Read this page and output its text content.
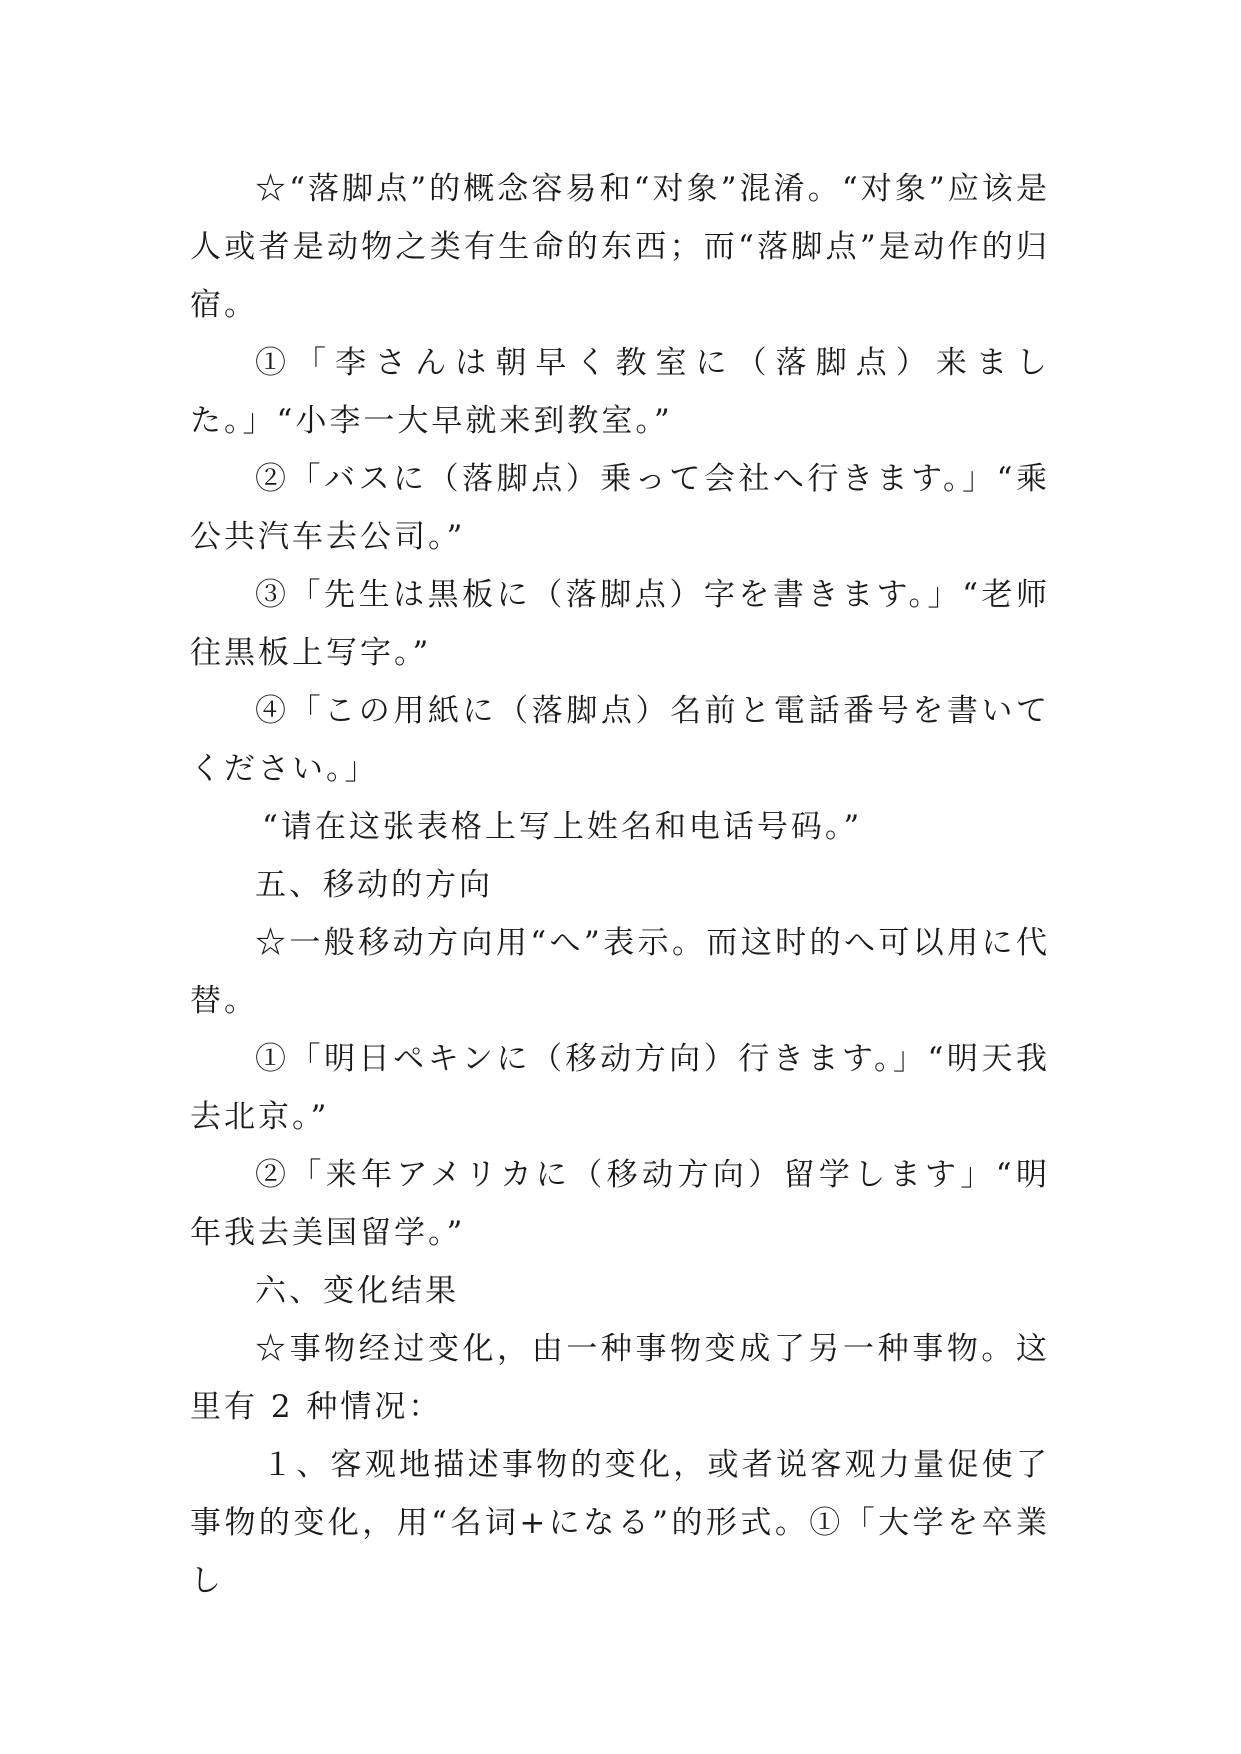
☆“落脚点”的概念容易和“对象”混淆。“对象”应该是人或者是动物之类有生命的东西；而“落脚点”是动作的归宿。

①「李さんは朝早く教室に（落脚点）来ました。」“小李一大早就来到教室。”

②「バスに（落脚点）乗って会社へ行きます。」“乘公共汽车去公司。”

③「先生は黒板に（落脚点）字を書きます。」“老师往黒板上写字。”

④「この用紙に（落脚点）名前と電話番号を書いてください。」

“请在这张表格上写上姓名和电话号码。”

五、移动的方向

☆一般移动方向用“へ”表示。而这时的へ可以用に代替。

①「明日ペキンに（移动方向）行きます。」“明天我去北京。”

②「来年アメリカに（移动方向）留学します」“明年我去美国留学。”

六、变化结果

☆事物经过变化，由一种事物变成了另一种事物。这里有 2 种情况：

１、客观地描述事物的变化，或者说客观力量促使了事物的变化，用“名词+になる”的形式。①「大学を卒業し
